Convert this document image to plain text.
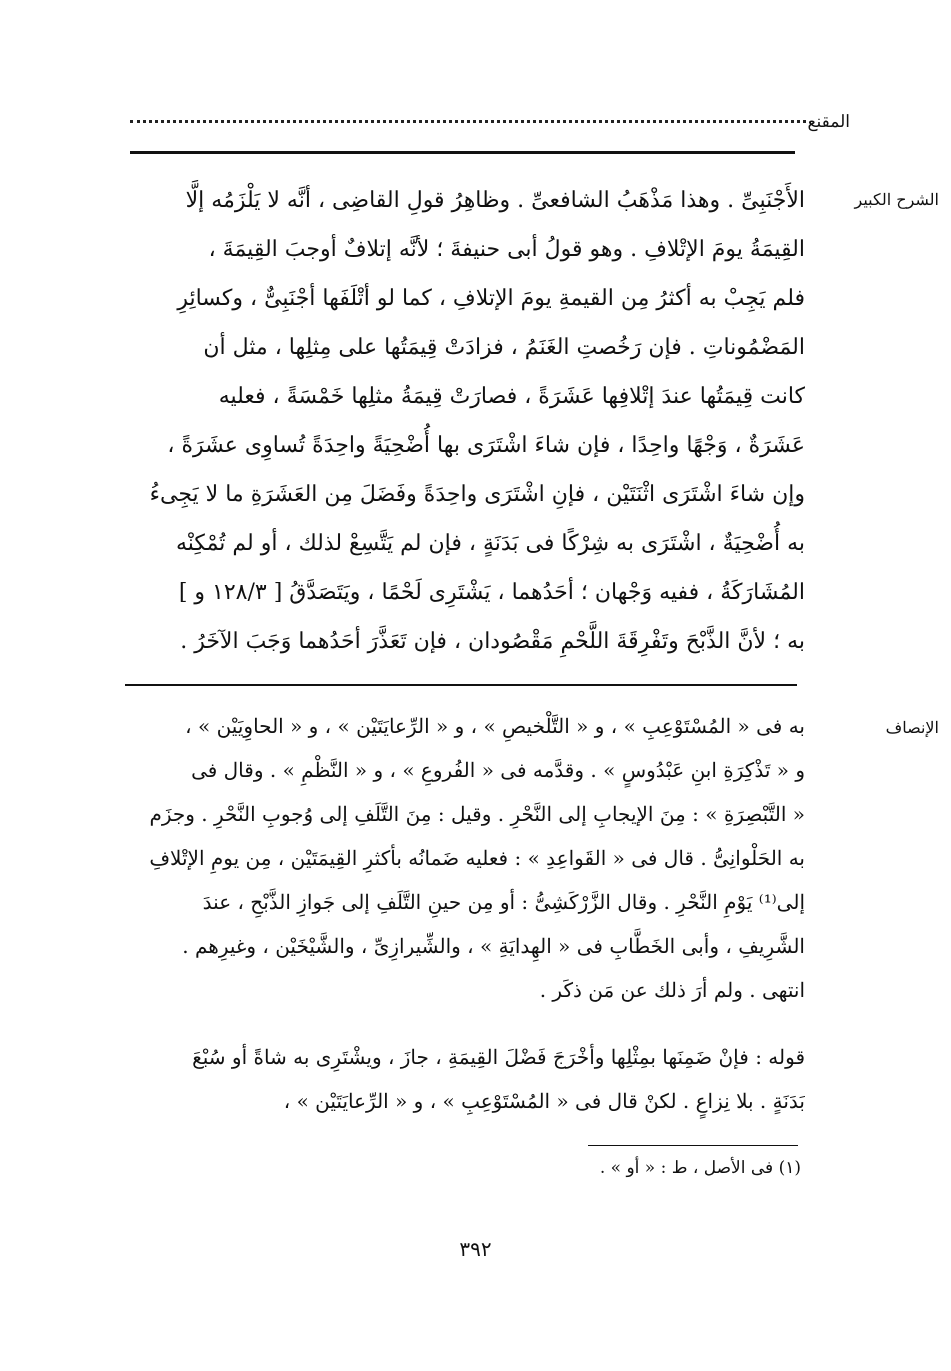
المقنع
الشرح الكبير
الأَجْنَبِىِّ . وهذا مَذْهَبُ الشافعىِّ . وظاهِرُ قولِ القاضِى ، أنَّه لا يَلْزَمُه إلَّا
القِيمَةُ يومَ الإتْلافِ . وهو قولُ أبى حنيفةَ ؛ لأنَّه إتلافٌ أوجبَ القِيمَةَ ،
فلم يَجِبْ به أكثرُ مِن القيمةِ يومَ الإتلافِ ، كما لو أتْلَفَها أجْنَبِىٌّ ، وكسائِرِ
المَضْمُوناتِ . فإن رَخُصتِ الغَنَمُ ، فزادَتْ قِيمَتُها على مِثلِها ، مثل أن
كانت قِيمَتُها عندَ إتْلافِها عَشَرَةً ، فصارَتْ قِيمَةُ مثلِها خَمْسَةً ، فعليه
عَشَرَةٌ ، وَجْهًا واحِدًا ، فإن شاءَ اشْتَرَى بها أُضْحِيَةً واحِدَةً تُساوِى عشَرَةً ،
وإن شاءَ اشْتَرَى اثْنَتَيْن ، فإنِ اشْتَرَى واحِدَةً وفَضَلَ مِن العَشَرَةِ ما لا يَجِىءُ
به أُضْحِيَةٌ ، اشْتَرَى به شِرْكًا فى بَدَنَةٍ ، فإن لم يَتَّسِعْ لذلك ، أو لم تُمْكِنْه
المُشَارَكَةُ ، ففيه وَجْهان ؛ أحَدُهما ، يَشْتَرِى لَحْمًا ، ويَتَصَدَّقُ [ ١٢٨/٣ و ]
به ؛ لأنَّ الذَّبْحَ وتَفْرِقَةَ اللَّحْمِ مَقْصُودان ، فإن تَعَذَّرَ أحَدُهما وَجَبَ الآخَرُ .
الإنصاف
به فى « المُسْتَوْعِبِ » ، و « التَّلْخيصِ » ، و « الرِّعايَتَيْن » ، و « الحاوِيَيْن » ،
و « تَذْكِرَةِ ابنِ عَبْدُوسٍ » . وقدَّمه فى « الفُروعِ » ، و « النَّظْمِ » . وقال فى
« التَّبْصِرَةِ » : مِنَ الإيجابِ إلى النَّحْرِ . وقيل : مِنَ التَّلَفِ إلى وُجوبِ النَّحْرِ . وجزَم
به الحَلْوانِىُّ . قال فى « القَواعِدِ » : فعليه ضَمانُه بأكثرِ القِيمَتَيْن ، مِن يومِ الإتْلافِ
إلى⁽¹⁾ يَوْمِ النَّحْرِ . وقال الزَّرْكَشِىُّ : أو مِن حينِ التَّلَفِ إلى جَوازِ الذَّبْحِ ، عندَ
الشَّرِيفِ ، وأبى الخَطَّابِ فى « الهِدايَةِ » ، والشِّيرازِىِّ ، والشَّيْخَيْن ، وغيرِهم .
انتهى . ولم أرَ ذلك عن مَن ذكَر .
قوله : فإنْ ضَمِنَها بمِثْلِها وأخْرَجَ فَضْلَ القِيمَةِ ، جازَ ، ويشْتَرِى به شاةً أو سُبْعَ
بَدَنَةٍ . بلا نِزاعٍ . لكنْ قال فى « المُسْتَوْعِبِ » ، و « الرِّعايَتَيْن » ،
(١) فى الأصل ، ط : « أو » .
٣٩٢
